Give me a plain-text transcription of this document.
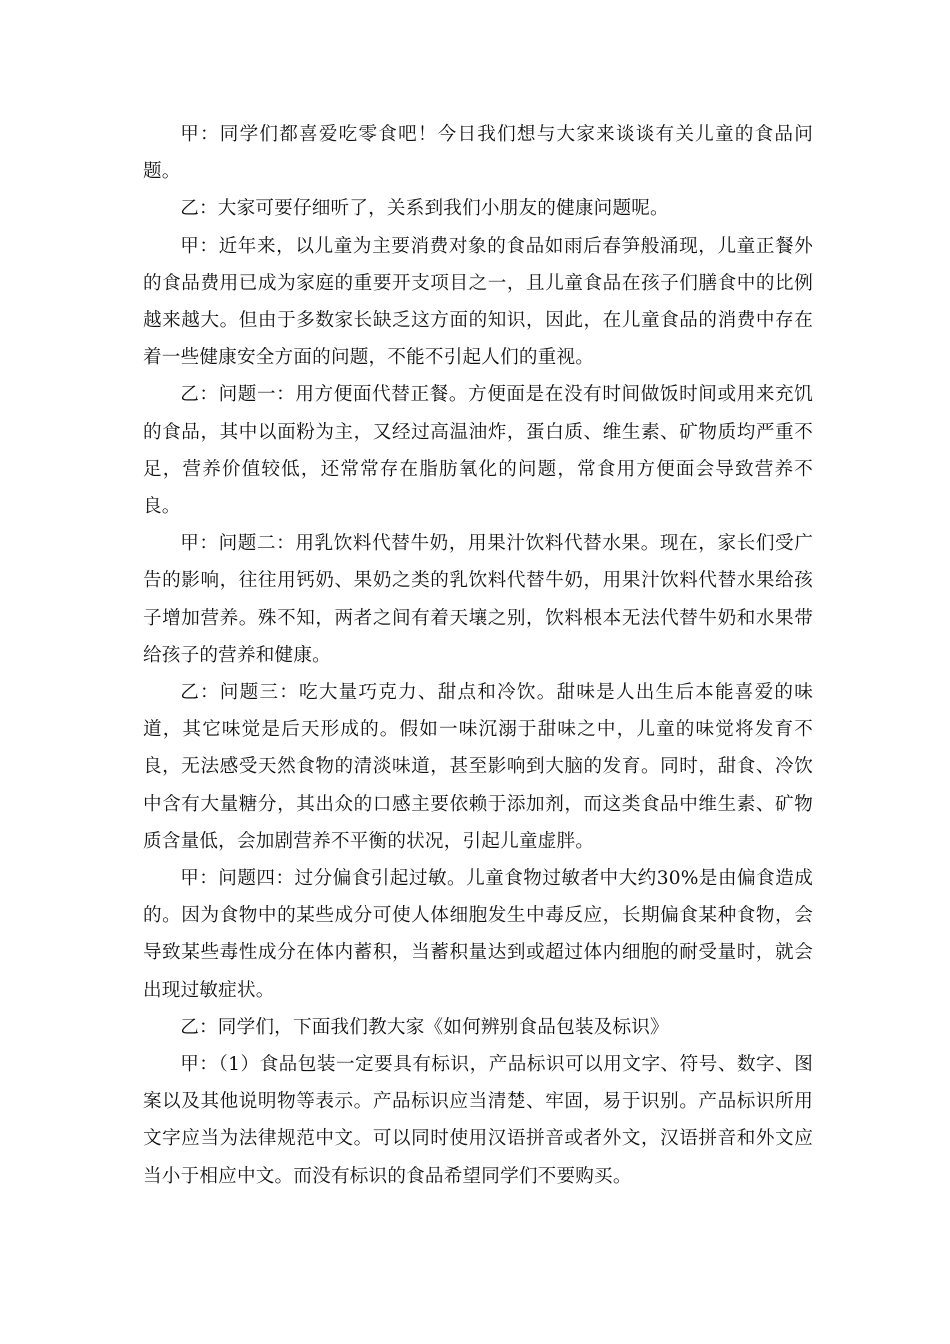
甲：同学们都喜爱吃零食吧！今日我们想与大家来谈谈有关儿童的食品问题。

乙：大家可要仔细听了，关系到我们小朋友的健康问题呢。

甲：近年来，以儿童为主要消费对象的食品如雨后春笋般涌现，儿童正餐外的食品费用已成为家庭的重要开支项目之一，且儿童食品在孩子们膳食中的比例越来越大。但由于多数家长缺乏这方面的知识，因此，在儿童食品的消费中存在着一些健康安全方面的问题，不能不引起人们的重视。

乙：问题一：用方便面代替正餐。方便面是在没有时间做饭时间或用来充饥的食品，其中以面粉为主，又经过高温油炸，蛋白质、维生素、矿物质均严重不足，营养价值较低，还常常存在脂肪氧化的问题，常食用方便面会导致营养不良。

甲：问题二：用乳饮料代替牛奶，用果汁饮料代替水果。现在，家长们受广告的影响，往往用钙奶、果奶之类的乳饮料代替牛奶，用果汁饮料代替水果给孩子增加营养。殊不知，两者之间有着天壤之别，饮料根本无法代替牛奶和水果带给孩子的营养和健康。

乙：问题三：吃大量巧克力、甜点和冷饮。甜味是人出生后本能喜爱的味道，其它味觉是后天形成的。假如一味沉溺于甜味之中，儿童的味觉将发育不良，无法感受天然食物的清淡味道，甚至影响到大脑的发育。同时，甜食、冷饮中含有大量糖分，其出众的口感主要依赖于添加剂，而这类食品中维生素、矿物质含量低，会加剧营养不平衡的状况，引起儿童虚胖。

甲：问题四：过分偏食引起过敏。儿童食物过敏者中大约30%是由偏食造成的。因为食物中的某些成分可使人体细胞发生中毒反应，长期偏食某种食物，会导致某些毒性成分在体内蓄积，当蓄积量达到或超过体内细胞的耐受量时，就会出现过敏症状。

乙：同学们，下面我们教大家《如何辨别食品包装及标识》

甲：（1）食品包装一定要具有标识，产品标识可以用文字、符号、数字、图案以及其他说明物等表示。产品标识应当清楚、牢固，易于识别。产品标识所用文字应当为法律规范中文。可以同时使用汉语拼音或者外文，汉语拼音和外文应当小于相应中文。而没有标识的食品希望同学们不要购买。
